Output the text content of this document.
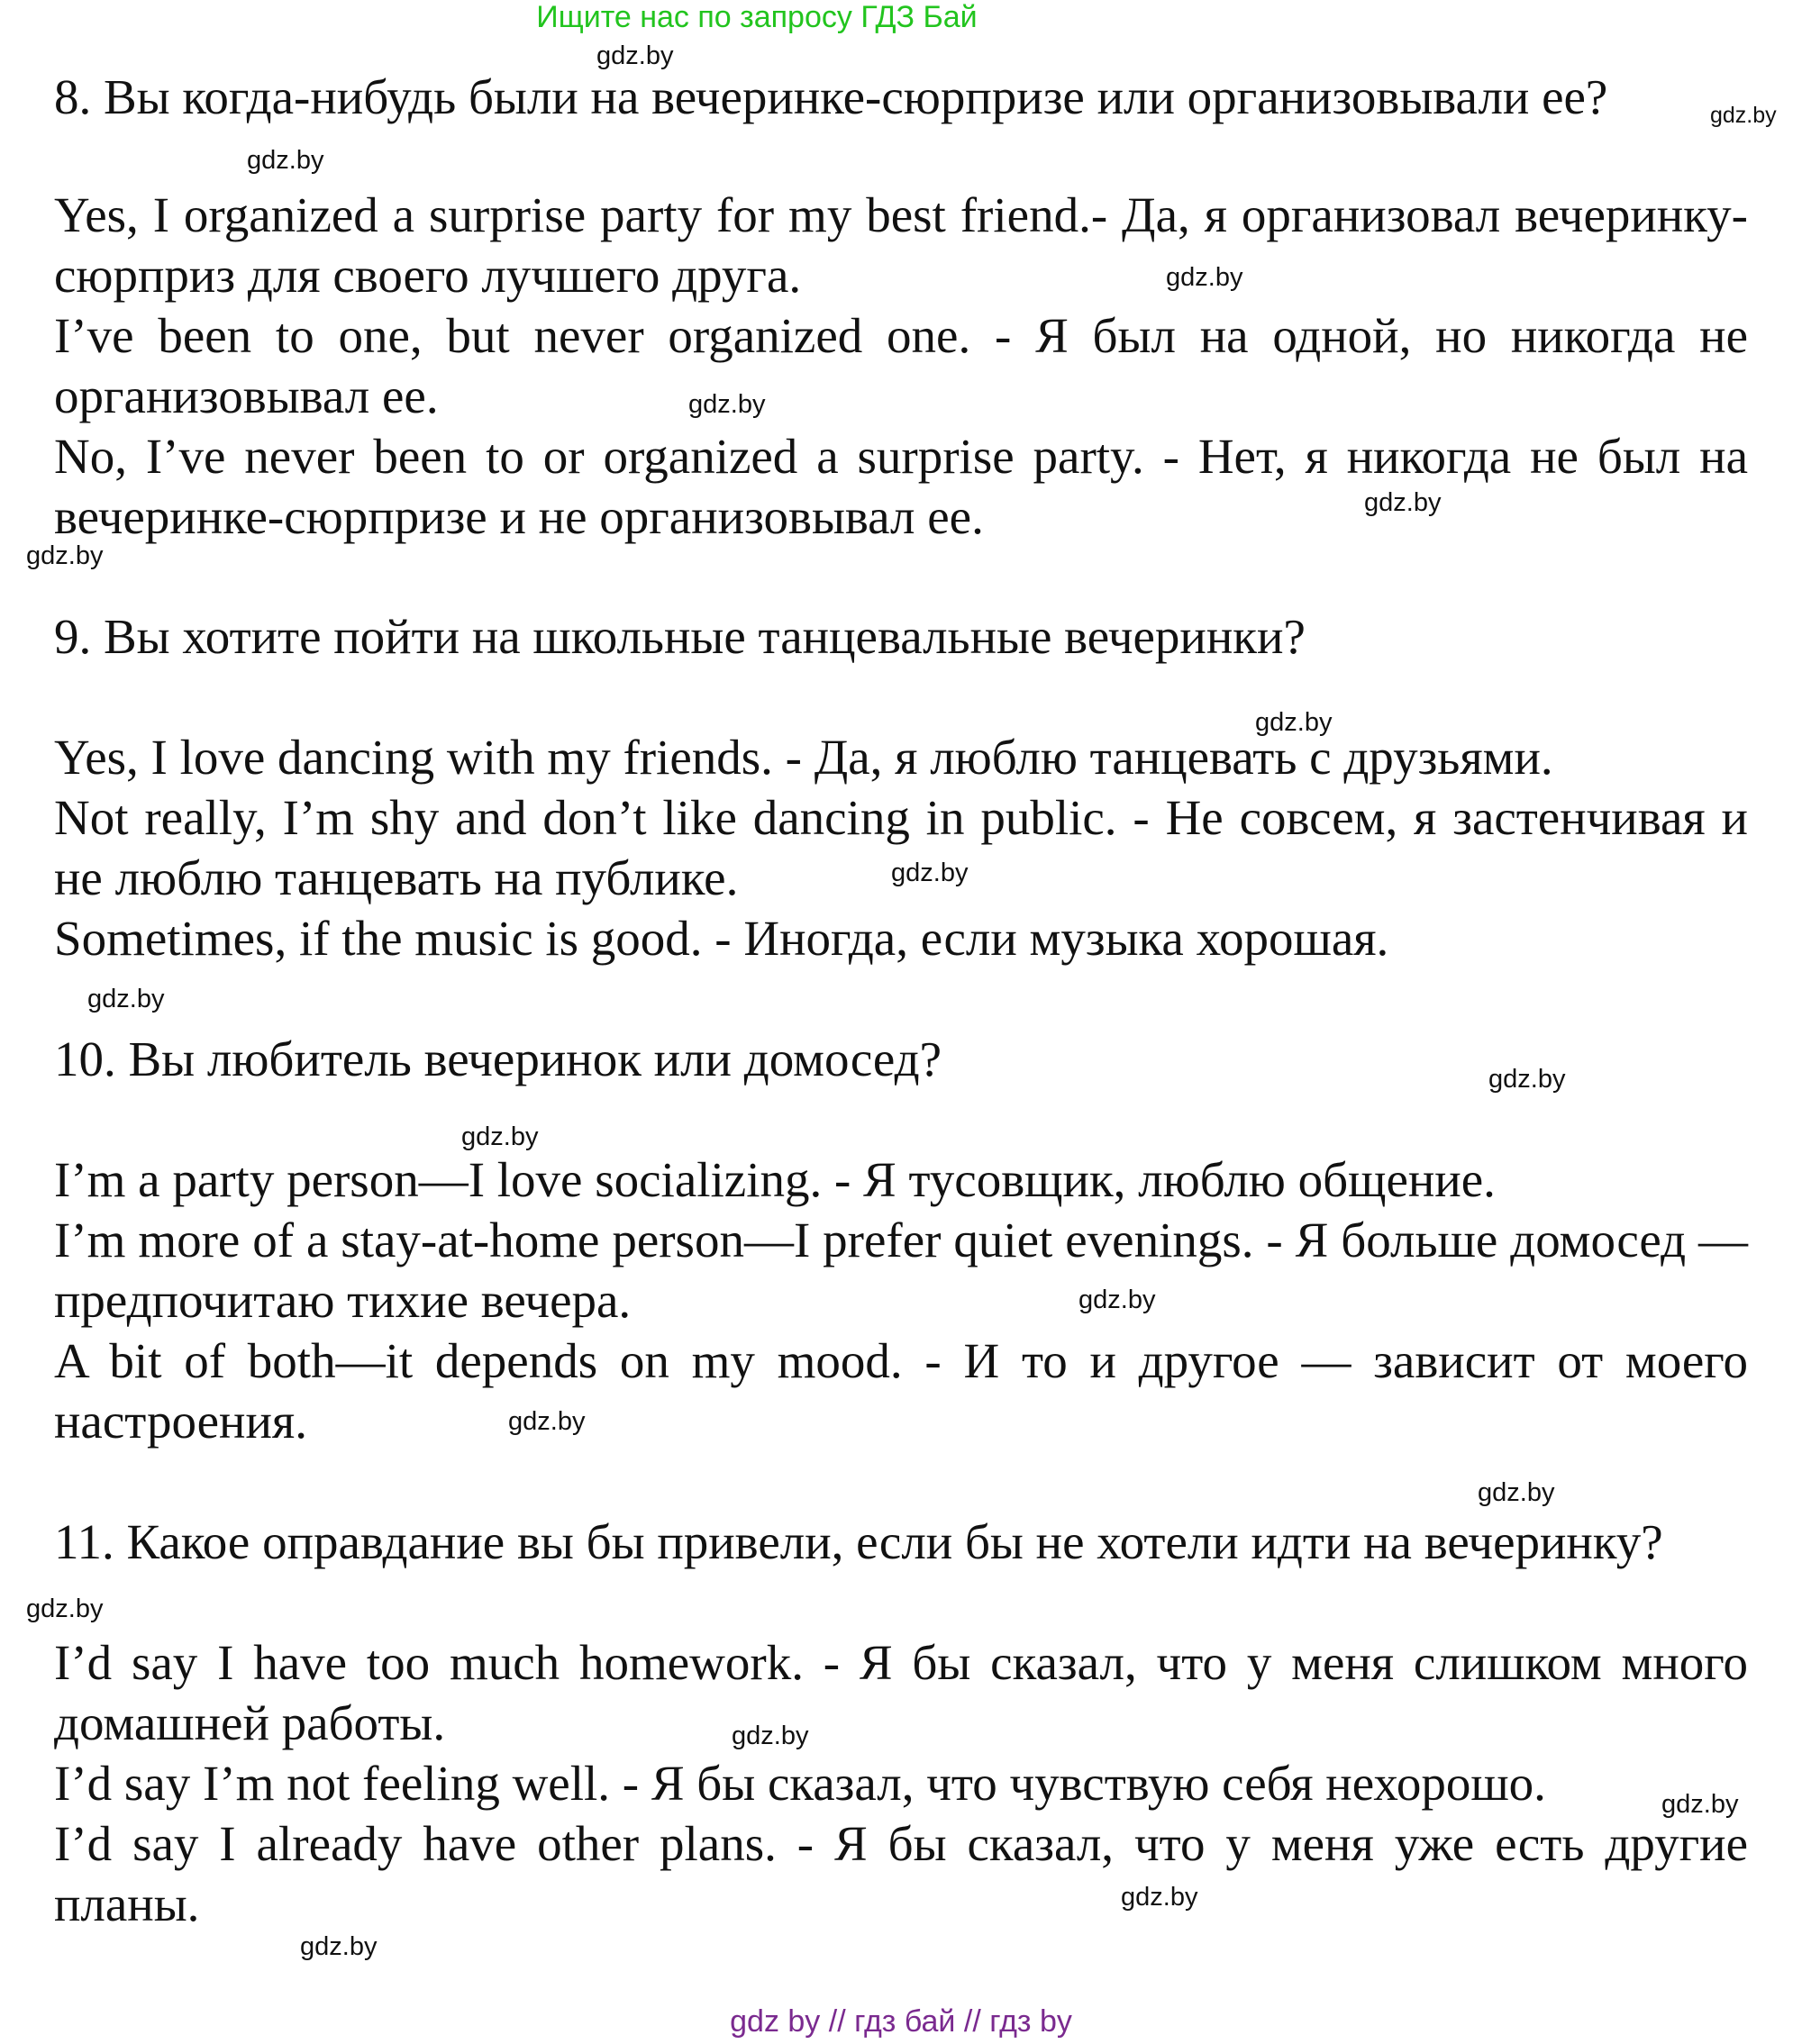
Ищите нас по запросу ГДЗ Бай
8. Вы когда-нибудь были на вечеринке-сюрпризе или организовывали ее?
Yes, I organized a surprise party for my best friend.- Да, я организовал вечеринку-сюрприз для своего лучшего друга.
I’ve been to one, but never organized one. - Я был на одной, но никогда не организовывал ее.
No, I’ve never been to or organized a surprise party. - Нет, я никогда не был на вечеринке-сюрпризе и не организовывал ее.
9. Вы хотите пойти на школьные танцевальные вечеринки?
Yes, I love dancing with my friends. - Да, я люблю танцевать с друзьями.
Not really, I’m shy and don’t like dancing in public. - Не совсем, я застенчивая и не люблю танцевать на публике.
Sometimes, if the music is good. - Иногда, если музыка хорошая.
10. Вы любитель вечеринок или домосед?
I’m a party person—I love socializing. - Я тусовщик, люблю общение.
I’m more of a stay-at-home person—I prefer quiet evenings. - Я больше домосед — предпочитаю тихие вечера.
A bit of both—it depends on my mood. - И то и другое — зависит от моего настроения.
11. Какое оправдание вы бы привели, если бы не хотели идти на вечеринку?
I’d say I have too much homework. - Я бы сказал, что у меня слишком много домашней работы.
I’d say I’m not feeling well. - Я бы сказал, что чувствую себя нехорошо.
I’d say I already have other plans. - Я бы сказал, что у меня уже есть другие планы.
gdz.by
gdz.by
gdz.by
gdz.by
gdz.by
gdz.by
gdz.by
gdz.by
gdz.by
gdz.by
gdz.by
gdz.by
gdz.by
gdz.by
gdz.by
gdz.by
gdz.by
gdz.by
gdz.by
gdz.by
gdz by // гдз бай // гдз by
